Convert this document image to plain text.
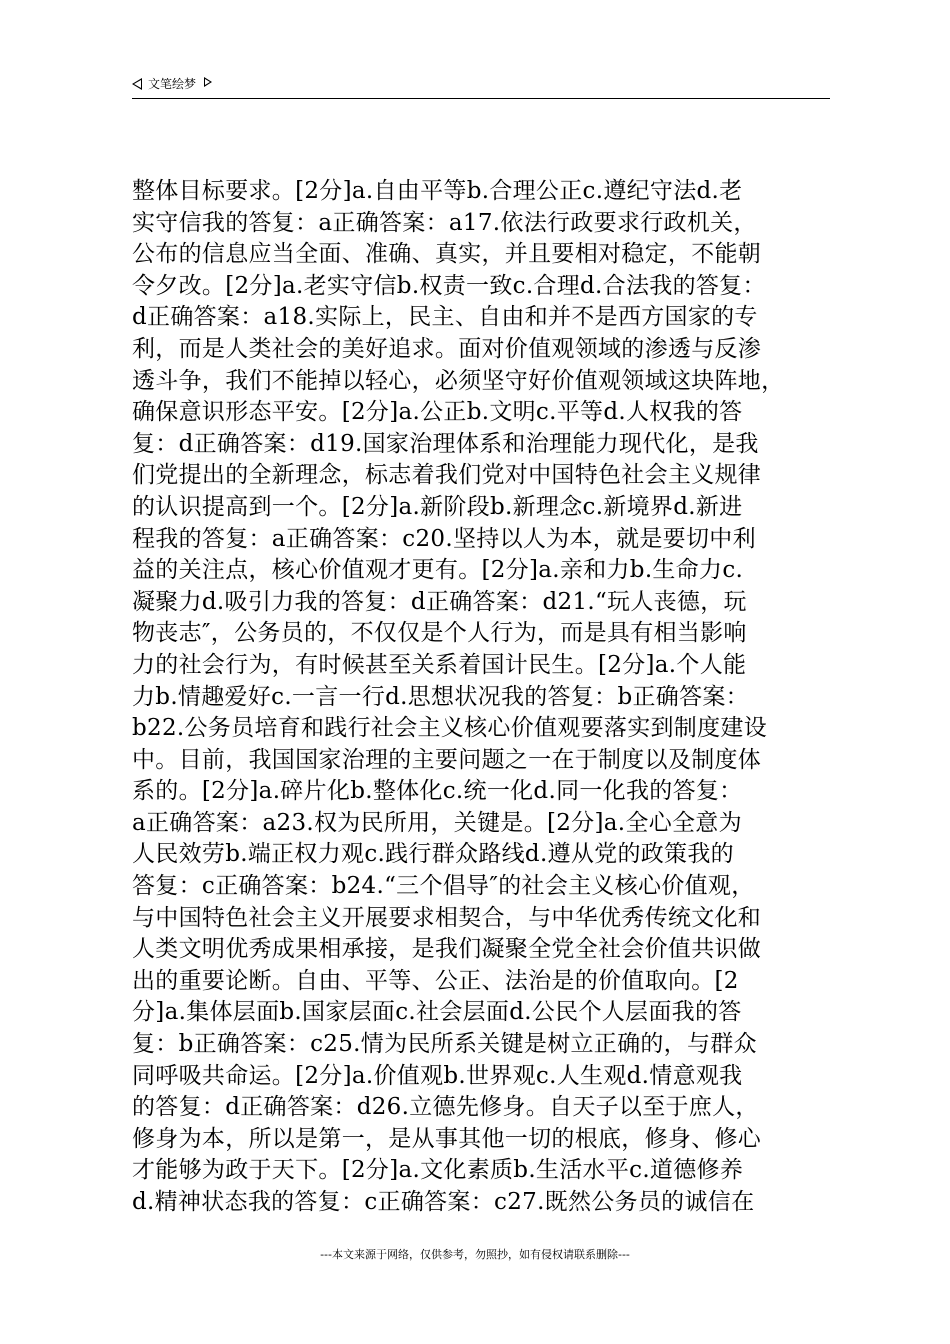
文笔绘梦
整体目标要求。[2分]a.自由平等b.合理公正c.遵纪守法d.老
实守信我的答复：a正确答案：a17.依法行政要求行政机关，
公布的信息应当全面、准确、真实，并且要相对稳定，不能朝
令夕改。[2分]a.老实守信b.权责一致c.合理d.合法我的答复：
d正确答案：a18.实际上，民主、自由和并不是西方国家的专
利，而是人类社会的美好追求。面对价值观领域的渗透与反渗
透斗争，我们不能掉以轻心，必须坚守好价值观领域这块阵地，
确保意识形态平安。[2分]a.公正b.文明c.平等d.人权我的答
复：d正确答案：d19.国家治理体系和治理能力现代化，是我
们党提出的全新理念，标志着我们党对中国特色社会主义规律
的认识提高到一个。[2分]a.新阶段b.新理念c.新境界d.新进
程我的答复：a正确答案：c20.坚持以人为本，就是要切中利
益的关注点，核心价值观才更有。[2分]a.亲和力b.生命力c.
凝聚力d.吸引力我的答复：d正确答案：d21.“玩人丧德，玩
物丧志″，公务员的，不仅仅是个人行为，而是具有相当影响
力的社会行为，有时候甚至关系着国计民生。[2分]a.个人能
力b.情趣爱好c.一言一行d.思想状况我的答复：b正确答案：
b22.公务员培育和践行社会主义核心价值观要落实到制度建设
中。目前，我国国家治理的主要问题之一在于制度以及制度体
系的。[2分]a.碎片化b.整体化c.统一化d.同一化我的答复：
a正确答案：a23.权为民所用，关键是。[2分]a.全心全意为
人民效劳b.端正权力观c.践行群众路线d.遵从党的政策我的
答复：c正确答案：b24.“三个倡导″的社会主义核心价值观，
与中国特色社会主义开展要求相契合，与中华优秀传统文化和
人类文明优秀成果相承接，是我们凝聚全党全社会价值共识做
出的重要论断。自由、平等、公正、法治是的价值取向。[2
分]a.集体层面b.国家层面c.社会层面d.公民个人层面我的答
复：b正确答案：c25.情为民所系关键是树立正确的，与群众
同呼吸共命运。[2分]a.价值观b.世界观c.人生观d.情意观我
的答复：d正确答案：d26.立德先修身。自天子以至于庶人，
修身为本，所以是第一，是从事其他一切的根底，修身、修心
才能够为政于天下。[2分]a.文化素质b.生活水平c.道德修养
d.精神状态我的答复：c正确答案：c27.既然公务员的诚信在
---本文来源于网络，仅供参考，勿照抄，如有侵权请联系删除---
